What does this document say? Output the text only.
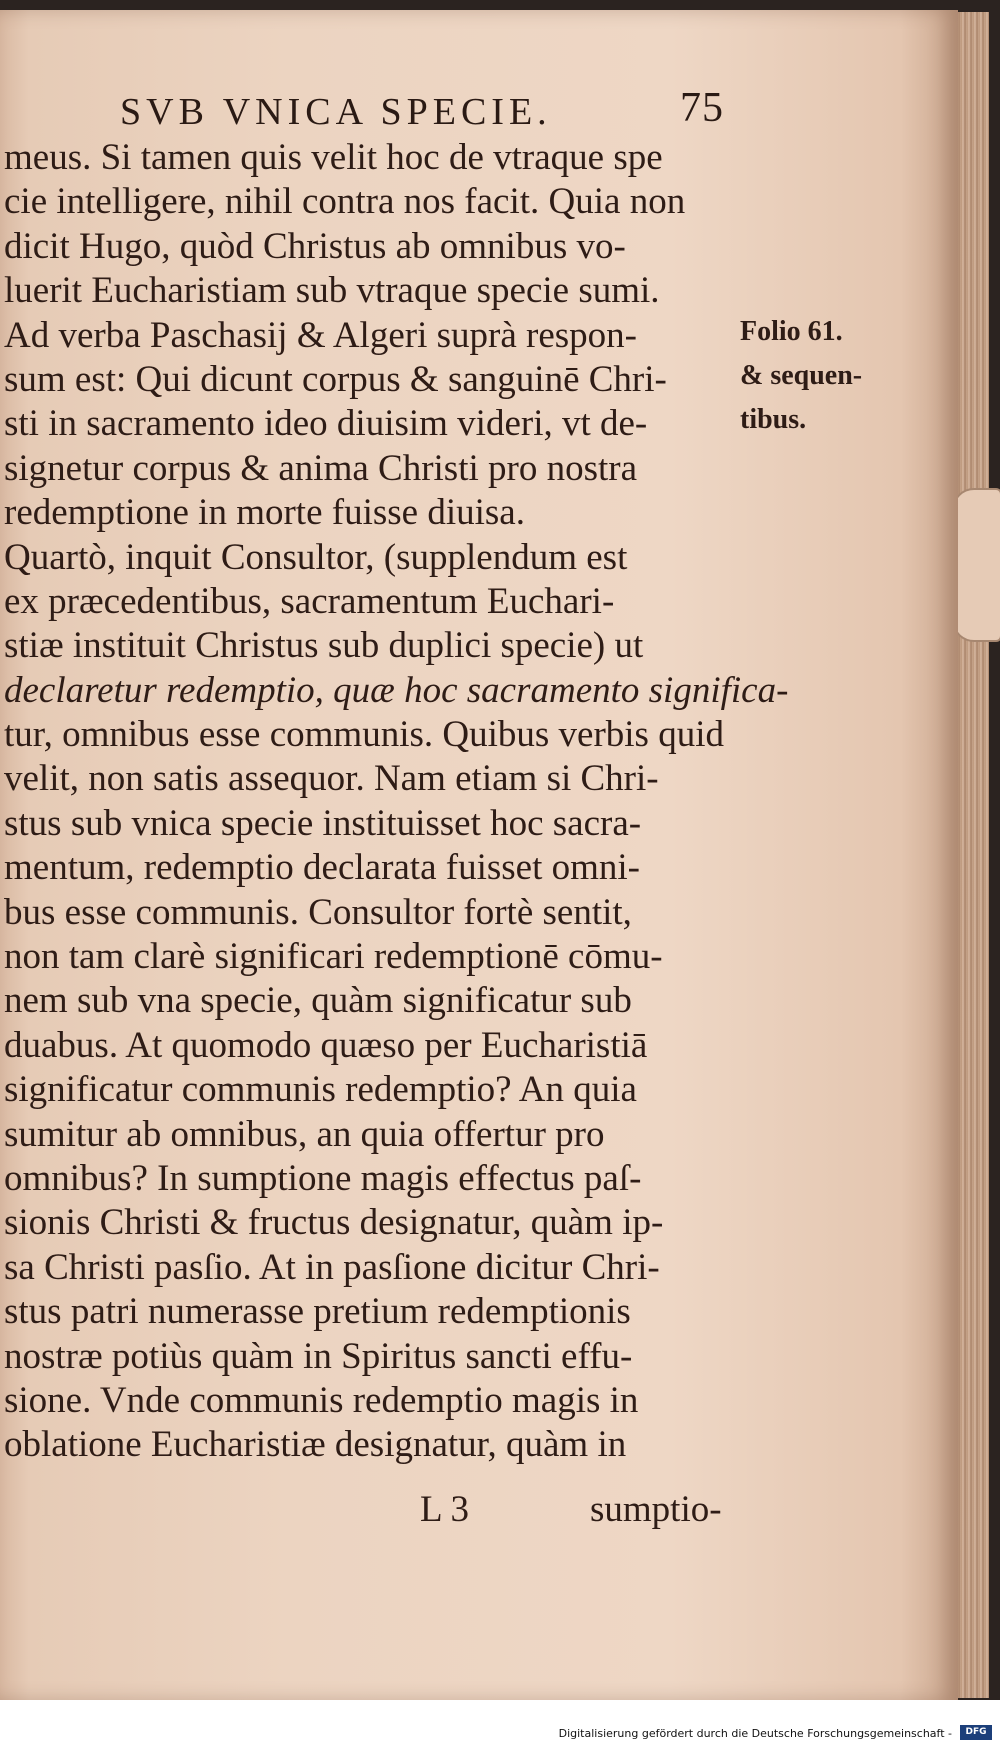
SVB VNICA SPECIE.	75
meus. Si tamen quis velit hoc de vtraque spe
cie intelligere, nihil contra nos facit. Quia non
dicit Hugo, quòd Christus ab omnibus vo-
luerit Eucharistiam sub vtraque specie sumi.
Ad verba Paschasij & Algeri suprà respon-
sum est: Qui dicunt corpus & sanguinē Chri-
sti in sacramento ideo diuisim videri, vt de-
signetur corpus & anima Christi pro nostra
redemptione in morte fuisse diuisa.
Quartò, inquit Consultor, (supplendum est
ex præcedentibus, sacramentum Euchari-
stiæ instituit Christus sub duplici specie) ut
declaretur redemptio, quæ hoc sacramento significa-
tur, omnibus esse communis. Quibus verbis quid
velit, non satis assequor. Nam etiam si Chri-
stus sub vnica specie instituisset hoc sacra-
mentum, redemptio declarata fuisset omni-
bus esse communis. Consultor fortè sentit,
non tam clarè significari redemptionē cōmu-
nem sub vna specie, quàm significatur sub
duabus. At quomodo quæso per Eucharistiā
significatur communis redemptio? An quia
sumitur ab omnibus, an quia offertur pro
omnibus? In sumptione magis effectus paſ-
sionis Christi & fructus designatur, quàm ip-
sa Christi pasſio. At in pasſione dicitur Chri-
stus patri numerasse pretium redemptionis
nostræ potiùs quàm in Spiritus sancti effu-
sione. Vnde communis redemptio magis in
oblatione Eucharistiæ designatur, quàm in
Folio 61.
& sequen-
tibus.
L 3	sumptio-
Digitalisierung gefördert durch die Deutsche Forschungsgemeinschaft -	DFG
